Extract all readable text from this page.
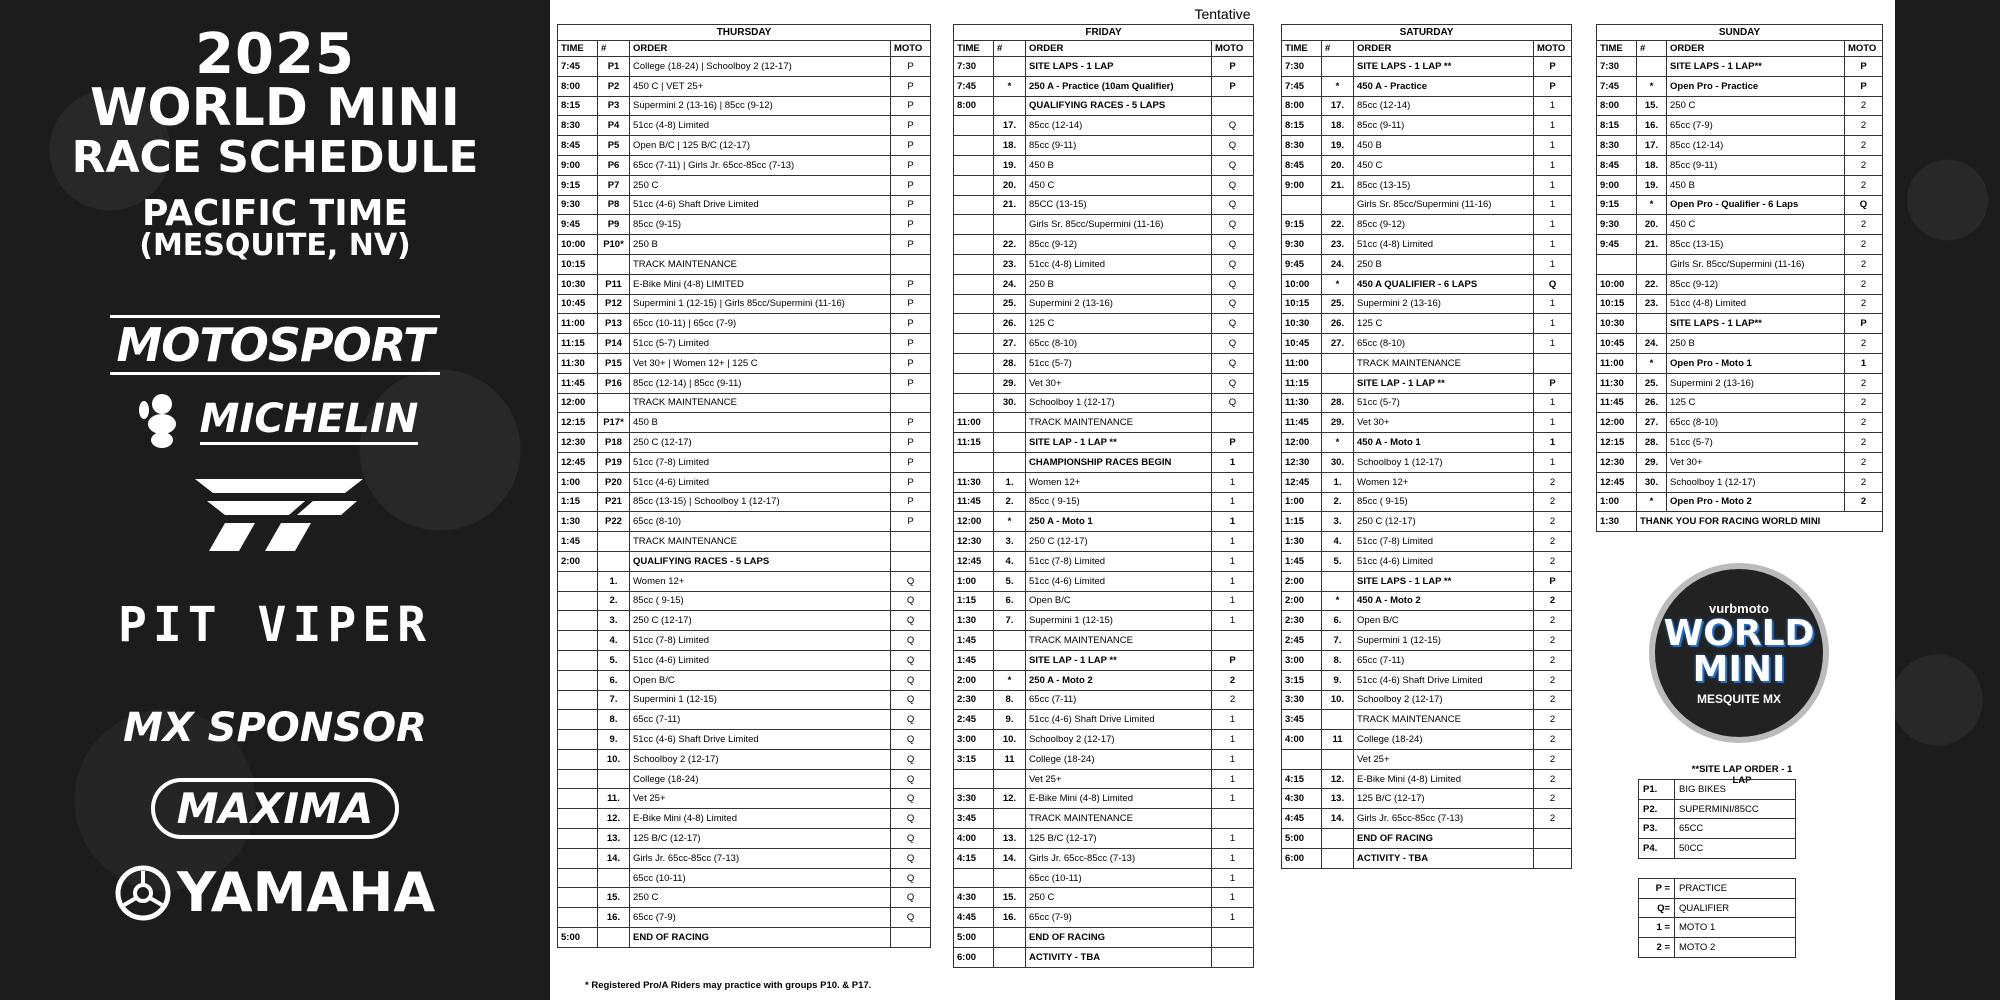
2025
WORLD MINI
RACE SCHEDULE
PACIFIC TIME
(MESQUITE, NV)
MOTOSPORT
MICHELIN
PIT VIPER
MX SPONSOR
MAXIMA
YAMAHA
Tentative
THURSDAY			
TIME	#	ORDER	MOTO
7:45	P1	College (18-24) | Schoolboy 2 (12-17)	P
8:00	P2	450 C | VET 25+	P
8:15	P3	Supermini 2 (13-16) | 85cc (9-12)	P
8:30	P4	51cc (4-8) Limited	P
8:45	P5	Open B/C | 125 B/C (12-17)	P
9:00	P6	65cc (7-11) | Girls Jr. 65cc-85cc (7-13)	P
9:15	P7	250 C	P
9:30	P8	51cc (4-6) Shaft Drive Limited	P
9:45	P9	85cc (9-15)	P
10:00	P10*	250 B	P
10:15		TRACK MAINTENANCE	
10:30	P11	E-Bike Mini (4-8) LIMITED	P
10:45	P12	Supermini 1 (12-15) | Girls 85cc/Supermini (11-16)	P
11:00	P13	65cc (10-11) | 65cc (7-9)	P
11:15	P14	51cc (5-7) Limited	P
11:30	P15	Vet 30+ | Women 12+ | 125 C	P
11:45	P16	85cc (12-14) | 85cc (9-11)	P
12:00		TRACK MAINTENANCE	
12:15	P17*	450 B	P
12:30	P18	250 C (12-17)	P
12:45	P19	51cc (7-8) Limited	P
1:00	P20	51cc (4-6) Limited	P
1:15	P21	85cc (13-15) | Schoolboy 1 (12-17)	P
1:30	P22	65cc (8-10)	P
1:45		TRACK MAINTENANCE	
2:00		QUALIFYING RACES - 5 LAPS	
	1.	Women 12+	Q
	2.	85cc ( 9-15)	Q
	3.	250 C (12-17)	Q
	4.	51cc (7-8) Limited	Q
	5.	51cc (4-6) Limited	Q
	6.	Open B/C	Q
	7.	Supermini 1 (12-15)	Q
	8.	65cc (7-11)	Q
	9.	51cc (4-6) Shaft Drive Limited	Q
	10.	Schoolboy 2 (12-17)	Q
		College (18-24)	Q
	11.	Vet 25+	Q
	12.	E-Bike Mini (4-8) Limited	Q
	13.	125 B/C (12-17)	Q
	14.	Girls Jr. 65cc-85cc (7-13)	Q
		65cc (10-11)	Q
	15.	250 C	Q
	16.	65cc (7-9)	Q
5:00		END OF RACING	
FRIDAY			
TIME	#	ORDER	MOTO
7:30		SITE LAPS - 1 LAP	P
7:45	*	250 A - Practice (10am Qualifier)	P
8:00		QUALIFYING RACES - 5 LAPS	
	17.	85cc (12-14)	Q
	18.	85cc (9-11)	Q
	19.	450 B	Q
	20.	450 C	Q
	21.	85CC (13-15)	Q
		Girls Sr. 85cc/Supermini (11-16)	Q
	22.	85cc (9-12)	Q
	23.	51cc (4-8) Limited	Q
	24.	250 B	Q
	25.	Supermini 2 (13-16)	Q
	26.	125 C	Q
	27.	65cc (8-10)	Q
	28.	51cc (5-7)	Q
	29.	Vet 30+	Q
	30.	Schoolboy 1 (12-17)	Q
11:00		TRACK MAINTENANCE	
11:15		SITE LAP - 1 LAP **	P
		CHAMPIONSHIP RACES BEGIN	1
11:30	1.	Women 12+	1
11:45	2.	85cc ( 9-15)	1
12:00	*	250 A - Moto 1	1
12:30	3.	250 C (12-17)	1
12:45	4.	51cc (7-8) Limited	1
1:00	5.	51cc (4-6) Limited	1
1:15	6.	Open B/C	1
1:30	7.	Supermini 1 (12-15)	1
1:45		TRACK MAINTENANCE	
1:45		SITE LAP - 1 LAP **	P
2:00	*	250 A - Moto 2	2
2:30	8.	65cc (7-11)	2
2:45	9.	51cc (4-6) Shaft Drive Limited	1
3:00	10.	Schoolboy 2 (12-17)	1
3:15	11	College (18-24)	1
		Vet 25+	1
3:30	12.	E-Bike Mini (4-8) Limited	1
3:45		TRACK MAINTENANCE	
4:00	13.	125 B/C (12-17)	1
4:15	14.	Girls Jr. 65cc-85cc (7-13)	1
		65cc (10-11)	1
4:30	15.	250 C	1
4:45	16.	65cc (7-9)	1
5:00		END OF RACING	
6:00		ACTIVITY - TBA	
SATURDAY			
TIME	#	ORDER	MOTO
7:30		SITE LAPS - 1 LAP **	P
7:45	*	450 A - Practice	P
8:00	17.	85cc (12-14)	1
8:15	18.	85cc (9-11)	1
8:30	19.	450 B	1
8:45	20.	450 C	1
9:00	21.	85cc (13-15)	1
		Girls Sr. 85cc/Supermini (11-16)	1
9:15	22.	85cc (9-12)	1
9:30	23.	51cc (4-8) Limited	1
9:45	24.	250 B	1
10:00	*	450 A QUALIFIER - 6 LAPS	Q
10:15	25.	Supermini 2 (13-16)	1
10:30	26.	125 C	1
10:45	27.	65cc (8-10)	1
11:00		TRACK MAINTENANCE	
11:15		SITE LAP - 1 LAP **	P
11:30	28.	51cc (5-7)	1
11:45	29.	Vet 30+	1
12:00	*	450 A - Moto 1	1
12:30	30.	Schoolboy 1 (12-17)	1
12:45	1.	Women 12+	2
1:00	2.	85cc ( 9-15)	2
1:15	3.	250 C (12-17)	2
1:30	4.	51cc (7-8) Limited	2
1:45	5.	51cc (4-6) Limited	2
2:00		SITE LAPS - 1 LAP **	P
2:00	*	450 A - Moto 2	2
2:30	6.	Open B/C	2
2:45	7.	Supermini 1 (12-15)	2
3:00	8.	65cc (7-11)	2
3:15	9.	51cc (4-6) Shaft Drive Limited	2
3:30	10.	Schoolboy 2 (12-17)	2
3:45		TRACK MAINTENANCE	2
4:00	11	College (18-24)	2
		Vet 25+	2
4:15	12.	E-Bike Mini (4-8) Limited	2
4:30	13.	125 B/C (12-17)	2
4:45	14.	Girls Jr. 65cc-85cc (7-13)	2
5:00		END OF RACING	
6:00		ACTIVITY - TBA	
SUNDAY			
TIME	#	ORDER	MOTO
7:30		SITE LAPS - 1 LAP**	P
7:45	*	Open Pro - Practice	P
8:00	15.	250 C	2
8:15	16.	65cc (7-9)	2
8:30	17.	85cc (12-14)	2
8:45	18.	85cc (9-11)	2
9:00	19.	450 B	2
9:15	*	Open Pro - Qualifier - 6 Laps	Q
9:30	20.	450 C	2
9:45	21.	85cc (13-15)	2
		Girls Sr. 85cc/Supermini (11-16)	2
10:00	22.	85cc (9-12)	2
10:15	23.	51cc (4-8) Limited	2
10:30		SITE LAPS - 1 LAP**	P
10:45	24.	250 B	2
11:00	*	Open Pro - Moto 1	1
11:30	25.	Supermini 2 (13-16)	2
11:45	26.	125 C	2
12:00	27.	65cc (8-10)	2
12:15	28.	51cc (5-7)	2
12:30	29.	Vet 30+	2
12:45	30.	Schoolboy 1 (12-17)	2
1:00	*	Open Pro - Moto 2	2
1:30	THANK YOU FOR RACING WORLD MINI		
vurbmoto
WORLD
MINI
MESQUITE MX
**SITE LAP ORDER - 1 LAP
P1.	BIG BIKES
P2.	SUPERMINI/85CC
P3.	65CC
P4.	50CC
P =	PRACTICE
Q=	QUALIFIER
1 =	MOTO 1
2 =	MOTO 2
* Registered Pro/A Riders may practice with groups P10. & P17.
